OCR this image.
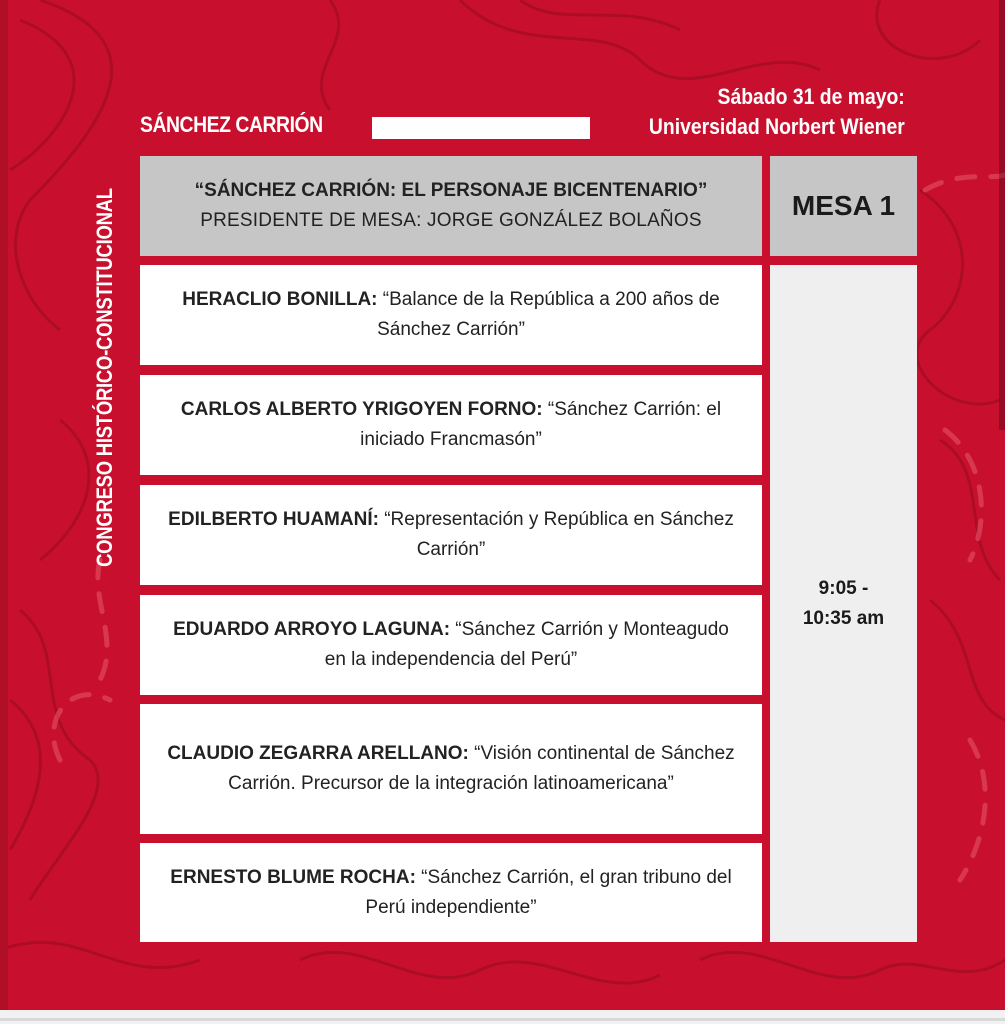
SÁNCHEZ CARRIÓN
Sábado 31 de mayo:
Universidad Norbert Wiener
CONGRESO HISTÓRICO-CONSTITUCIONAL	“SÁNCHEZ CARRIÓN: EL PERSONAJE BICENTENARIO”
PRESIDENTE DE MESA: JORGE GONZÁLEZ BOLAÑOS	MESA 1
HERACLIO BONILLA: “Balance de la República a 200 años de Sánchez Carrión”
CARLOS ALBERTO YRIGOYEN FORNO: “Sánchez Carrión: el iniciado Francmasón”
EDILBERTO HUAMANÍ: “Representación y República en Sánchez Carrión”
EDUARDO ARROYO LAGUNA: “Sánchez Carrión y Monteagudo en la independencia del Perú”
CLAUDIO ZEGARRA ARELLANO: “Visión continental de Sánchez Carrión. Precursor de la integración latinoamericana”
ERNESTO BLUME ROCHA: “Sánchez Carrión, el gran tribuno del Perú independiente”
9:05 -
10:35 am
